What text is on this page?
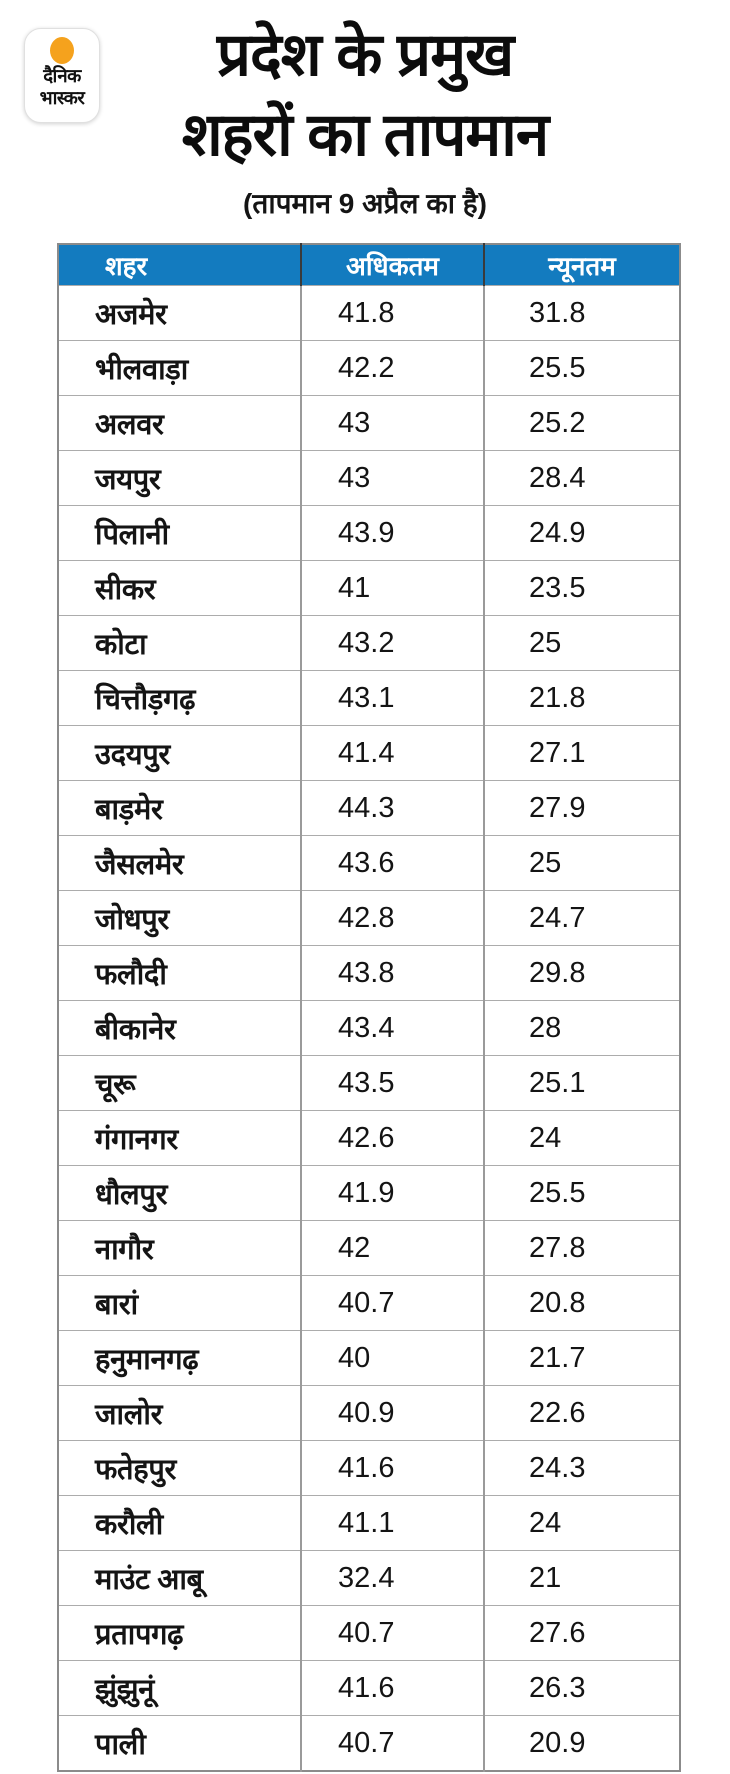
दैनिक
भास्कर
प्रदेश के प्रमुख
शहरों का तापमान
(तापमान 9 अप्रैल का है)
शहर	अधिकतम	न्यूनतम
अजमेर	41.8	31.8
भीलवाड़ा	42.2	25.5
अलवर	43	25.2
जयपुर	43	28.4
पिलानी	43.9	24.9
सीकर	41	23.5
कोटा	43.2	25
चित्तौड़गढ़	43.1	21.8
उदयपुर	41.4	27.1
बाड़मेर	44.3	27.9
जैसलमेर	43.6	25
जोधपुर	42.8	24.7
फलौदी	43.8	29.8
बीकानेर	43.4	28
चूरू	43.5	25.1
गंगानगर	42.6	24
धौलपुर	41.9	25.5
नागौर	42	27.8
बारां	40.7	20.8
हनुमानगढ़	40	21.7
जालोर	40.9	22.6
फतेहपुर	41.6	24.3
करौली	41.1	24
माउंट आबू	32.4	21
प्रतापगढ़	40.7	27.6
झुंझुनूं	41.6	26.3
पाली	40.7	20.9
